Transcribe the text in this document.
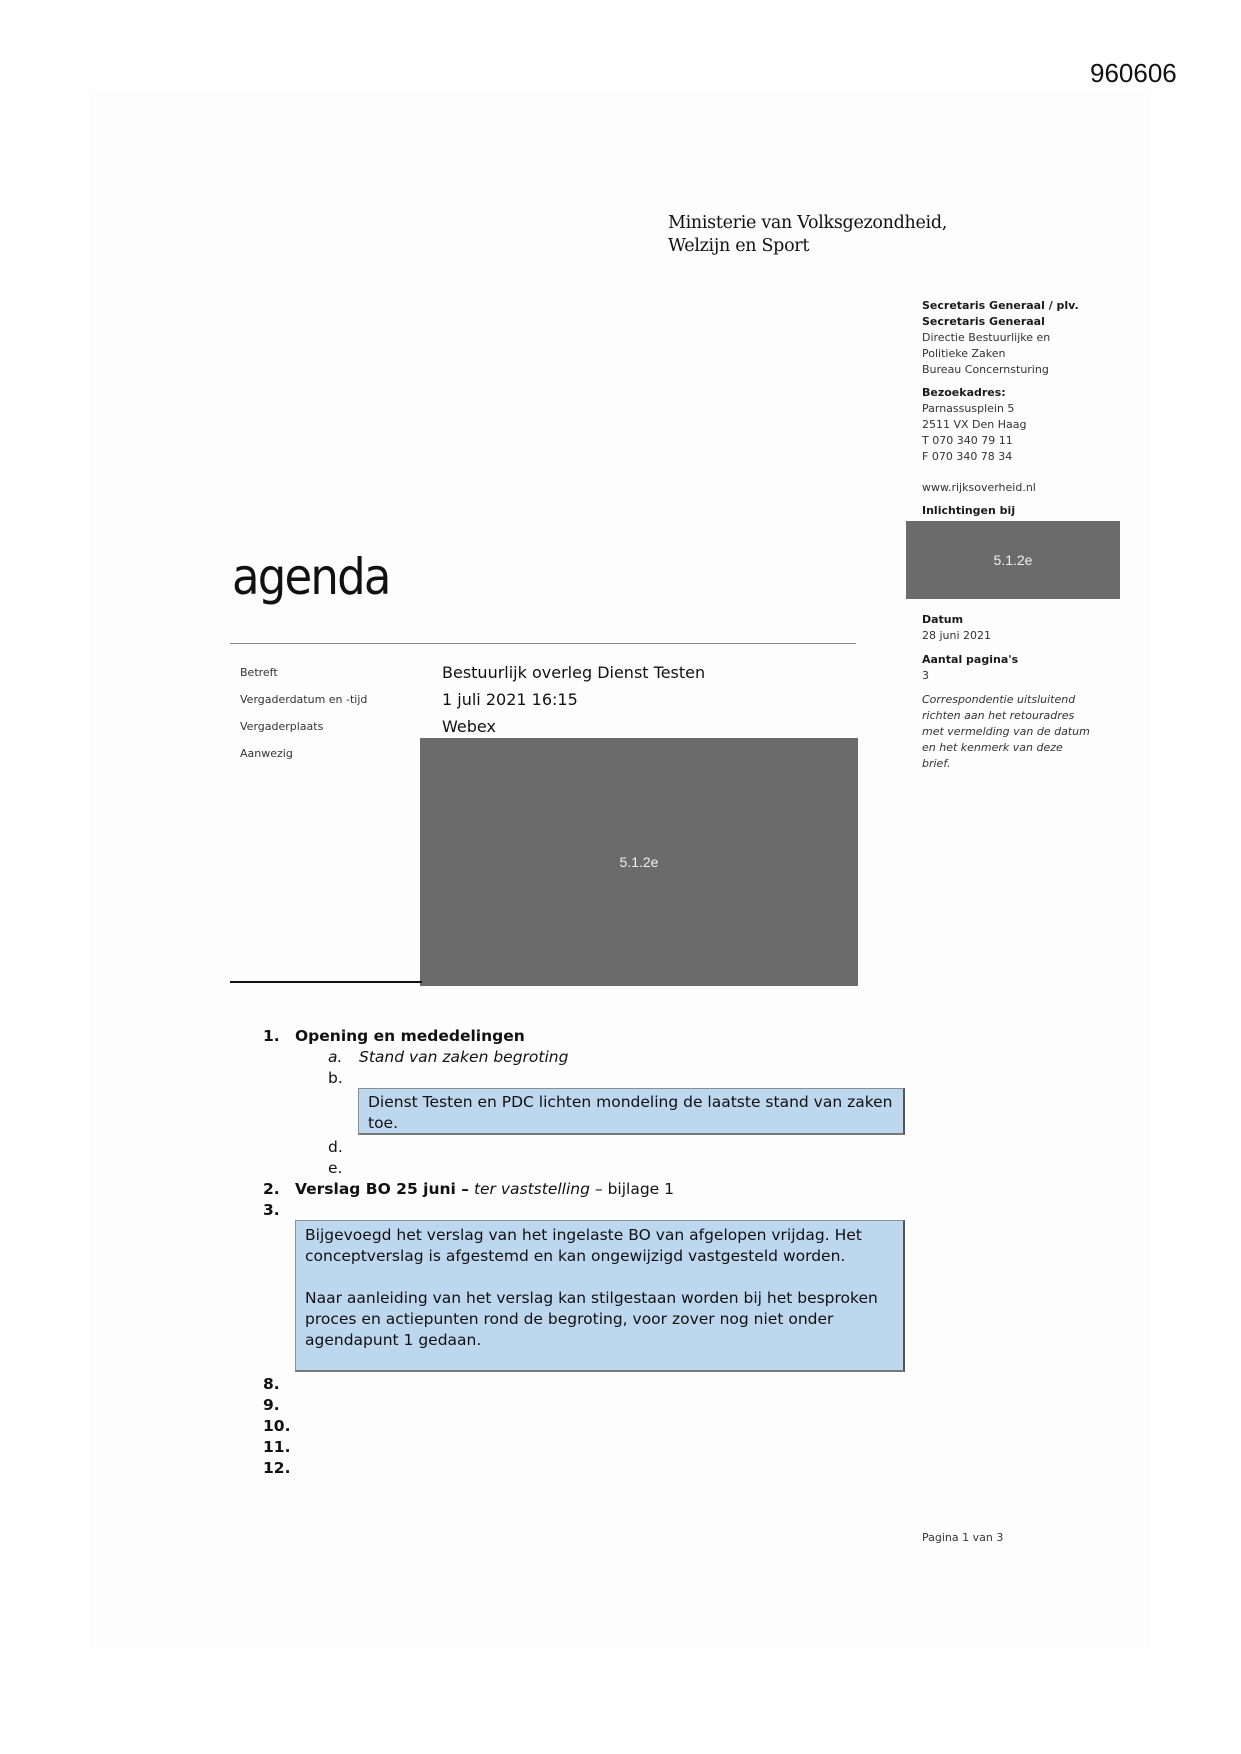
960606
Ministerie van Volksgezondheid,
Welzijn en Sport
Secretaris Generaal / plv.
Secretaris Generaal
Directie Bestuurlijke en
Politieke Zaken
Bureau Concernsturing
Bezoekadres:
Parnassusplein 5
2511 VX Den Haag
T 070 340 79 11
F 070 340 78 34
www.rijksoverheid.nl
Inlichtingen bij
5.1.2e
Datum
28 juni 2021
Aantal pagina's
3
Correspondentie uitsluitend
richten aan het retouradres
met vermelding van de datum
en het kenmerk van deze
brief.
agenda
Betreft	Bestuurlijk overleg Dienst Testen
Vergaderdatum en -tijd	1 juli 2021 16:15
Vergaderplaats	Webex
Aanwezig
5.1.2e
1. Opening en mededelingen
a. Stand van zaken begroting
b.

Dienst Testen en PDC lichten mondeling de laatste stand van zaken toe.

d.
e.
2. Verslag BO 25 juni – ter vaststelling – bijlage 1
3.

Bijgevoegd het verslag van het ingelaste BO van afgelopen vrijdag. Het conceptverslag is afgestemd en kan ongewijzigd vastgesteld worden.

Naar aanleiding van het verslag kan stilgestaan worden bij het besproken proces en actiepunten rond de begroting, voor zover nog niet onder agendapunt 1 gedaan.

8.
9.
10.
11.
12.
Pagina 1 van 3
